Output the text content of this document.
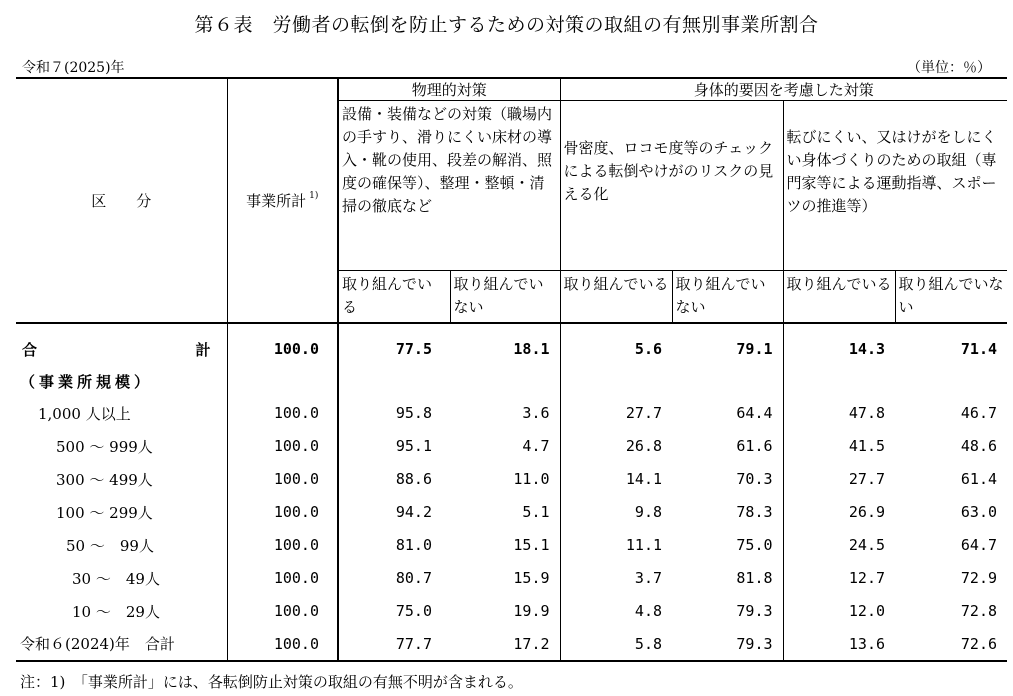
第６表　労働者の転倒を防止するための対策の取組の有無別事業所割合
令和７(2025)年	（単位：％）
区　　分	事業所計 $^{1)}$	物理的対策		身体的要因を考慮した対策			
		設備・装備などの対策（職場内の手すり、滑りにくい床材の導入・靴の使用、段差の解消、照度の確保等）、整理・整頓・清掃の徹底など		骨密度、ロコモ度等のチェックによる転倒やけがのリスクの見える化		転びにくい、又はけがをしにくい身体づくりのための取組（専門家等による運動指導、スポーツの推進等）	
		取り組んでいる	取り組んでいない	取り組んでいる	取り組んでいない	取り組んでいる	取り組んでいない

合 計	100.0	77.5	18.1	5.6	79.1	14.3	71.4
（事業所規模）							
1,000 人以上	100.0	95.8	3.6	27.7	64.4	47.8	46.7
500 ～ 999人	100.0	95.1	4.7	26.8	61.6	41.5	48.6
300 ～ 499人	100.0	88.6	11.0	14.1	70.3	27.7	61.4
100 ～ 299人	100.0	94.2	5.1	9.8	78.3	26.9	63.0
50 ～　99人	100.0	81.0	15.1	11.1	75.0	24.5	64.7
30 ～　49人	100.0	80.7	15.9	3.7	81.8	12.7	72.9
10 ～　29人	100.0	75.0	19.9	4.8	79.3	12.0	72.8
令和６(2024)年　合計	100.0	77.7	17.2	5.8	79.3	13.6	72.6
注：1)　「事業所計」には、各転倒防止対策の取組の有無不明が含まれる。
